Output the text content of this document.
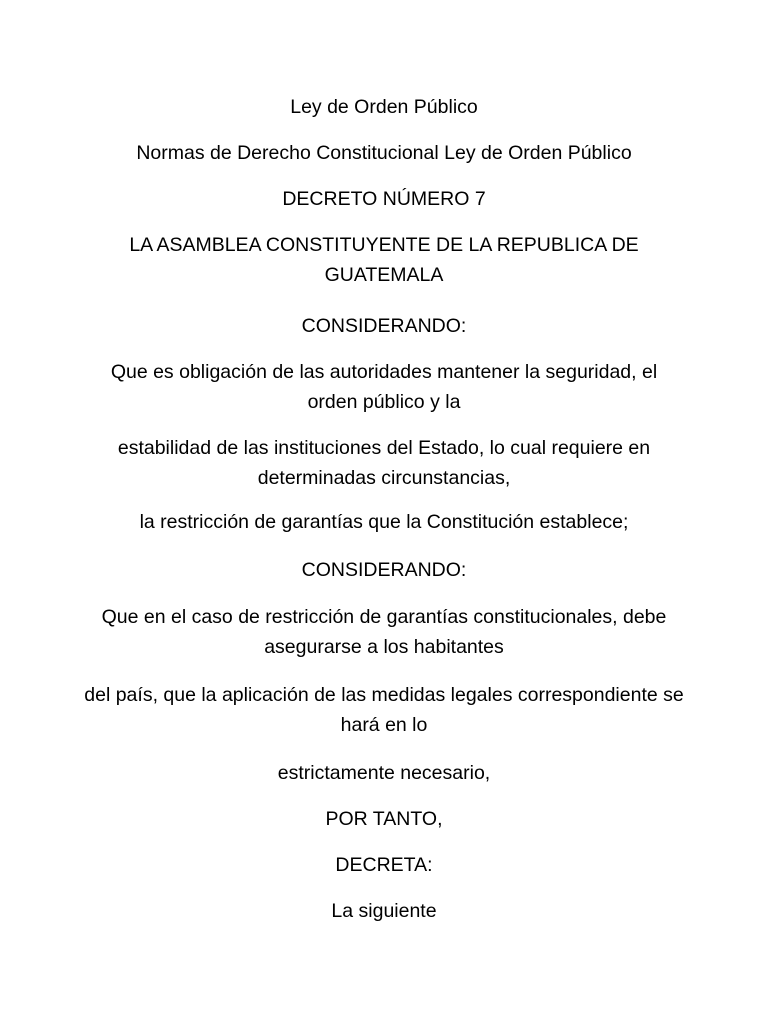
Ley de Orden Público

Normas de Derecho Constitucional Ley de Orden Público

DECRETO NÚMERO 7

LA ASAMBLEA CONSTITUYENTE DE LA REPUBLICA DE GUATEMALA

CONSIDERANDO:

Que es obligación de las autoridades mantener la seguridad, el orden público y la

estabilidad de las instituciones del Estado, lo cual requiere en determinadas circunstancias,

la restricción de garantías que la Constitución establece;

CONSIDERANDO:

Que en el caso de restricción de garantías constitucionales, debe asegurarse a los habitantes

del país, que la aplicación de las medidas legales correspondiente se hará en lo

estrictamente necesario,

POR TANTO,

DECRETA:

La siguiente
